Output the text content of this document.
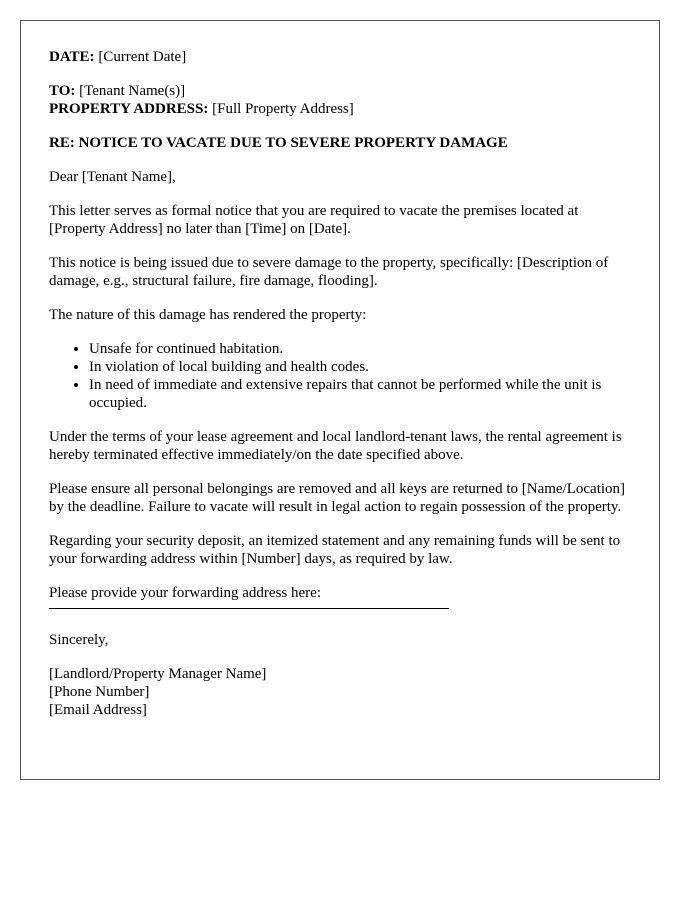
DATE: [Current Date]

TO: [Tenant Name(s)]
PROPERTY ADDRESS: [Full Property Address]

RE: NOTICE TO VACATE DUE TO SEVERE PROPERTY DAMAGE

Dear [Tenant Name],

This letter serves as formal notice that you are required to vacate the premises located at [Property Address] no later than [Time] on [Date].

This notice is being issued due to severe damage to the property, specifically: [Description of damage, e.g., structural failure, fire damage, flooding].

The nature of this damage has rendered the property:

• Unsafe for continued habitation.
• In violation of local building and health codes.
• In need of immediate and extensive repairs that cannot be performed while the unit is occupied.

Under the terms of your lease agreement and local landlord-tenant laws, the rental agreement is hereby terminated effective immediately/on the date specified above.

Please ensure all personal belongings are removed and all keys are returned to [Name/Location] by the deadline. Failure to vacate will result in legal action to regain possession of the property.

Regarding your security deposit, an itemized statement and any remaining funds will be sent to your forwarding address within [Number] days, as required by law.

Please provide your forwarding address here:

Sincerely,

[Landlord/Property Manager Name]

[Phone Number]

[Email Address]
